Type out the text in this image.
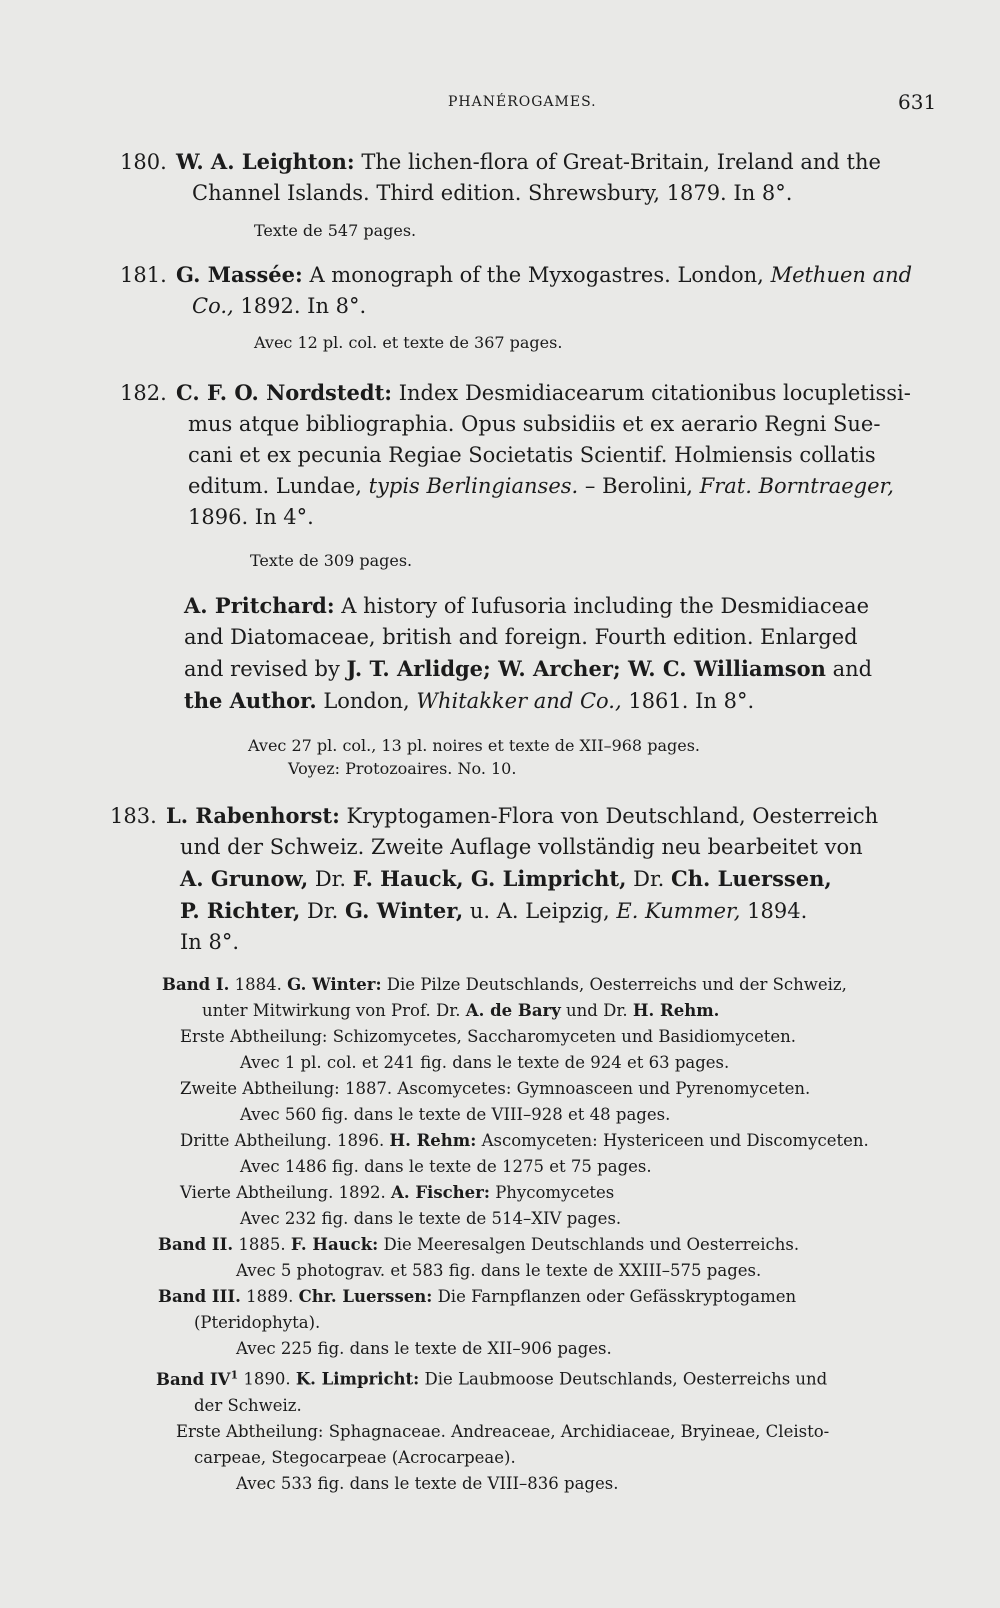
PHANÉROGAMES.	631

180. W. A. Leighton: The lichen-flora of Great-Britain, Ireland and the

Channel Islands. Third edition. Shrewsbury, 1879. In 8°.

Texte de 547 pages.

181. G. Massée: A monograph of the Myxogastres. London, Methuen and

Co., 1892. In 8°.

Avec 12 pl. col. et texte de 367 pages.

182. C. F. O. Nordstedt: Index Desmidiacearum citationibus locupletissi-

mus atque bibliographia. Opus subsidiis et ex aerario Regni Sue-

cani et ex pecunia Regiae Societatis Scientif. Holmiensis collatis

editum. Lundae, typis Berlingianses. – Berolini, Frat. Borntraeger,

1896. In 4°.

Texte de 309 pages.

A. Pritchard: A history of Iufusoria including the Desmidiaceae

and Diatomaceae, british and foreign. Fourth edition. Enlarged

and revised by J. T. Arlidge; W. Archer; W. C. Williamson and

the Author. London, Whitakker and Co., 1861. In 8°.

Avec 27 pl. col., 13 pl. noires et texte de XII–968 pages.
Voyez: Protozoaires. No. 10.

183. L. Rabenhorst: Kryptogamen-Flora von Deutschland, Oesterreich

und der Schweiz. Zweite Auflage vollständig neu bearbeitet von

A. Grunow, Dr. F. Hauck, G. Limpricht, Dr. Ch. Luerssen,

P. Richter, Dr. G. Winter, u. A. Leipzig, E. Kummer, 1894.

In 8°.

Band I. 1884. G. Winter: Die Pilze Deutschlands, Oesterreichs und der Schweiz,

unter Mitwirkung von Prof. Dr. A. de Bary und Dr. H. Rehm.

Erste Abtheilung: Schizomycetes, Saccharomyceten und Basidiomyceten.

Avec 1 pl. col. et 241 fig. dans le texte de 924 et 63 pages.

Zweite Abtheilung: 1887. Ascomycetes: Gymnoasceen und Pyrenomyceten.

Avec 560 fig. dans le texte de VIII–928 et 48 pages.

Dritte Abtheilung. 1896. H. Rehm: Ascomyceten: Hystericeen und Discomyceten.

Avec 1486 fig. dans le texte de 1275 et 75 pages.

Vierte Abtheilung. 1892. A. Fischer: Phycomycetes

Avec 232 fig. dans le texte de 514–XIV pages.

Band II. 1885. F. Hauck: Die Meeresalgen Deutschlands und Oesterreichs.

Avec 5 photograv. et 583 fig. dans le texte de XXIII–575 pages.

Band III. 1889. Chr. Luerssen: Die Farnpflanzen oder Gefässkryptogamen

(Pteridophyta).

Avec 225 fig. dans le texte de XII–906 pages.

Band $IV^1$ 1890. K. Limpricht: Die Laubmoose Deutschlands, Oesterreichs und

der Schweiz.

Erste Abtheilung: Sphagnaceae. Andreaceae, Archidiaceae, Bryineae, Cleisto-

carpeae, Stegocarpeae (Acrocarpeae).

Avec 533 fig. dans le texte de VIII–836 pages.
